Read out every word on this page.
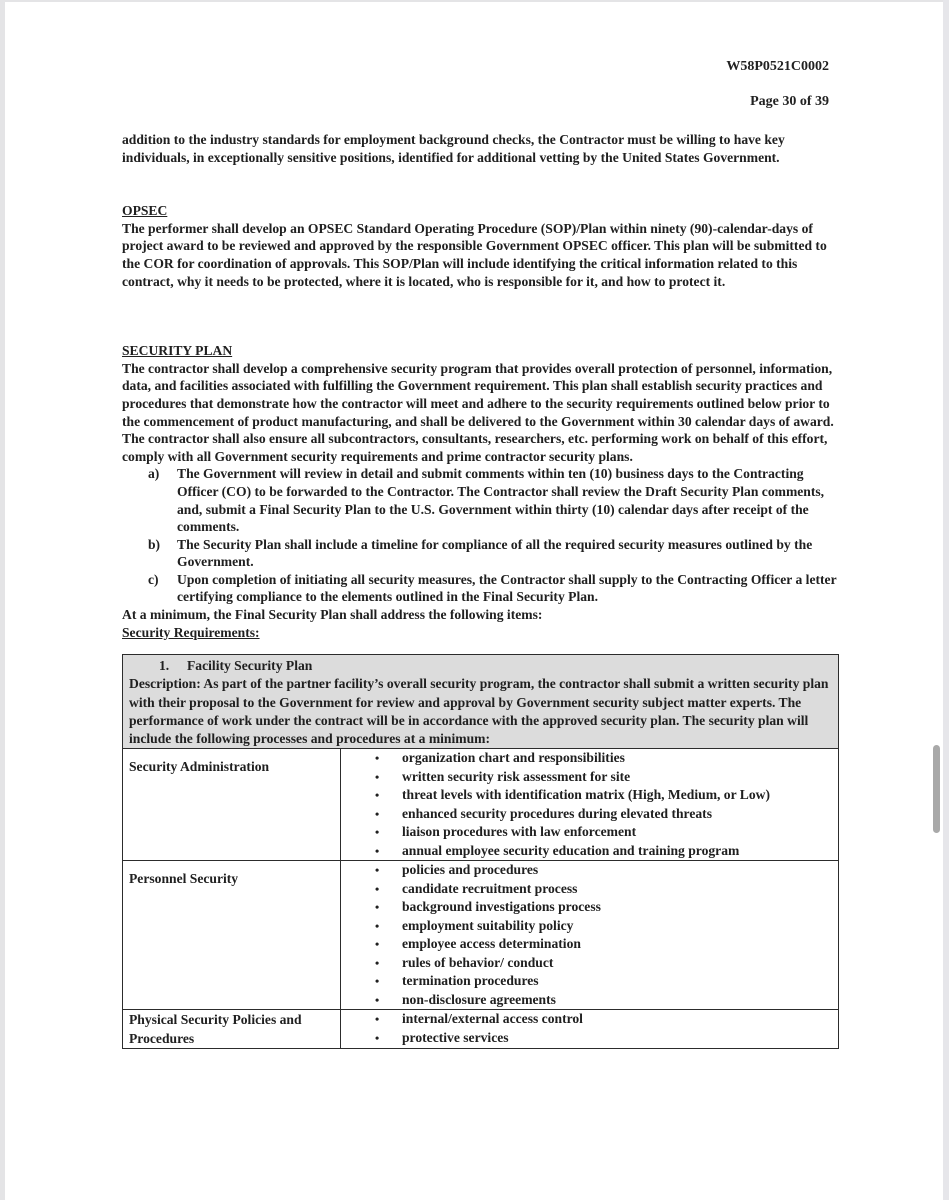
W58P0521C0002
Page 30 of 39

addition to the industry standards for employment background checks, the Contractor must be willing to have key individuals, in exceptionally sensitive positions, identified for additional vetting by the United States Government.

OPSEC

The performer shall develop an OPSEC Standard Operating Procedure (SOP)/Plan within ninety (90)-calendar-days of project award to be reviewed and approved by the responsible Government OPSEC officer. This plan will be submitted to the COR for coordination of approvals. This SOP/Plan will include identifying the critical information related to this contract, why it needs to be protected, where it is located, who is responsible for it, and how to protect it.

SECURITY PLAN

The contractor shall develop a comprehensive security program that provides overall protection of personnel, information, data, and facilities associated with fulfilling the Government requirement. This plan shall establish security practices and procedures that demonstrate how the contractor will meet and adhere to the security requirements outlined below prior to the commencement of product manufacturing, and shall be delivered to the Government within 30 calendar days of award. The contractor shall also ensure all subcontractors, consultants, researchers, etc. performing work on behalf of this effort, comply with all Government security requirements and prime contractor security plans.

a)	The Government will review in detail and submit comments within ten (10) business days to the Contracting Officer (CO) to be forwarded to the Contractor. The Contractor shall review the Draft Security Plan comments, and, submit a Final Security Plan to the U.S. Government within thirty (10) calendar days after receipt of the comments.
b)	The Security Plan shall include a timeline for compliance of all the required security measures outlined by the Government.
c)	Upon completion of initiating all security measures, the Contractor shall supply to the Contracting Officer a letter certifying compliance to the elements outlined in the Final Security Plan.

At a minimum, the Final Security Plan shall address the following items:

Security Requirements:

1. Facility Security Plan
Description: As part of the partner facility’s overall security program, the contractor shall submit a written security plan with their proposal to the Government for review and approval by Government security subject matter experts. The performance of work under the contract will be in accordance with the approved security plan. The security plan will include the following processes and procedures at a minimum:	

Security Administration	
•	organization chart and responsibilities
•	written security risk assessment for site
•	threat levels with identification matrix (High, Medium, or Low)
•	enhanced security procedures during elevated threats
•	liaison procedures with law enforcement
•	annual employee security education and training program

Personnel Security	
•	policies and procedures
•	candidate recruitment process
•	background investigations process
•	employment suitability policy
•	employee access determination
•	rules of behavior/ conduct
•	termination procedures
•	non-disclosure agreements

Physical Security Policies and Procedures	
•	internal/external access control
•	protective services
